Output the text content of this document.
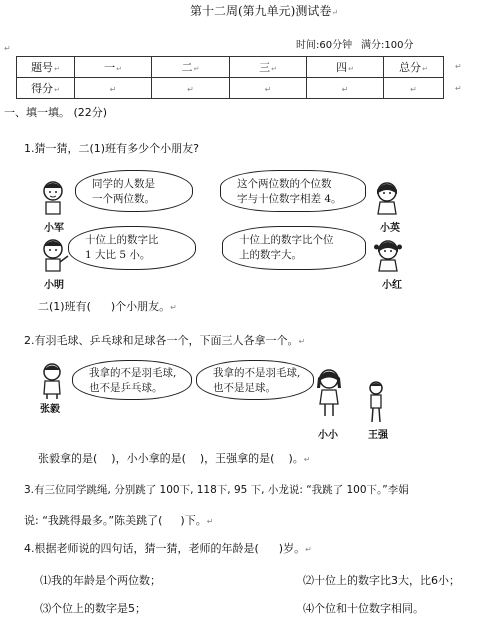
第十二周(第九单元)测试卷↵
时间:60分钟 满分:100分
↵
题号 ↵	一 ↵	二 ↵	三 ↵	四 ↵	总分 ↵
得分 ↵	↵	↵	↵	↵	↵
↵
↵
一、填一填。 (22分)
1.猜一猜，二(1)班有多少个小朋友?
小军	小英
小明	小红
同学的人数是
一个两位数。
这个两位数的个位数
字与十位数字相差 4。
十位上的数字比
1 大比 5 小。
十位上的数字比个位
上的数字大。
二(1)班有( )个小朋友。↵
2.有羽毛球、乒乓球和足球各一个，下面三人各拿一个。↵
张毅
我拿的不是羽毛球,
也不是乒乓球。
我拿的不是羽毛球,
也不是足球。
小小	王强
张毅拿的是( )，小小拿的是( )，王强拿的是( )。↵
3.有三位同学跳绳, 分别跳了 100下, 118下, 95 下, 小龙说: “我跳了 100下。”李娟
说: “我跳得最多。”陈美跳了( )下。↵
4.根据老师说的四句话，猜一猜，老师的年龄是( )岁。↵
⑴我的年龄是个两位数；	⑵十位上的数字比3大，比6小；
⑶个位上的数字是5；	⑷个位和十位数字相同。
